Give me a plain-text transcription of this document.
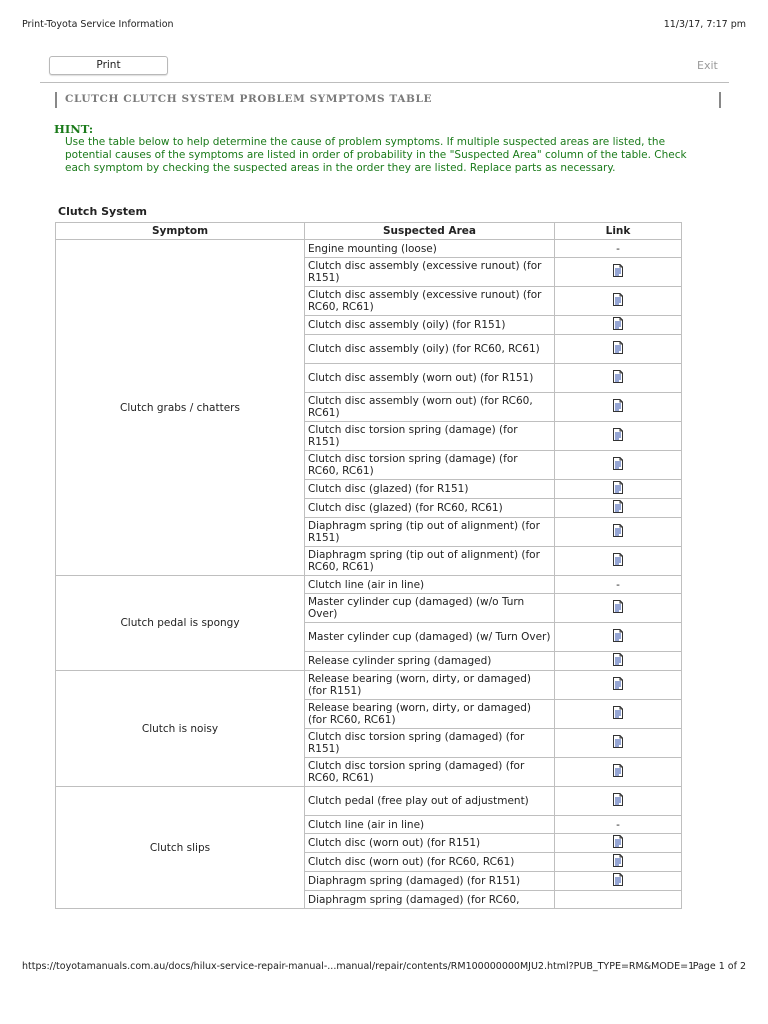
Print-Toyota Service Information	11/3/17, 7:17 pm
Print	Exit
CLUTCH CLUTCH SYSTEM PROBLEM SYMPTOMS TABLE
HINT:
Use the table below to help determine the cause of problem symptoms. If multiple suspected areas are listed, the potential causes of the symptoms are listed in order of probability in the "Suspected Area" column of the table. Check each symptom by checking the suspected areas in the order they are listed. Replace parts as necessary.
Clutch System
Symptom	Suspected Area	Link
Clutch grabs / chatters	Engine mounting (loose)	-
	Clutch disc assembly (excessive runout) (for R151)	
	Clutch disc assembly (excessive runout) (for RC60, RC61)	
	Clutch disc assembly (oily) (for R151)	
	Clutch disc assembly (oily) (for RC60, RC61)	
	Clutch disc assembly (worn out) (for R151)	
	Clutch disc assembly (worn out) (for RC60, RC61)	
	Clutch disc torsion spring (damage) (for R151)	
	Clutch disc torsion spring (damage) (for RC60, RC61)	
	Clutch disc (glazed) (for R151)	
	Clutch disc (glazed) (for RC60, RC61)	
	Diaphragm spring (tip out of alignment) (for R151)	
	Diaphragm spring (tip out of alignment) (for RC60, RC61)	
Clutch pedal is spongy	Clutch line (air in line)	-
	Master cylinder cup (damaged) (w/o Turn Over)	
	Master cylinder cup (damaged) (w/ Turn Over)	
	Release cylinder spring (damaged)	
Clutch is noisy	Release bearing (worn, dirty, or damaged) (for R151)	
	Release bearing (worn, dirty, or damaged) (for RC60, RC61)	
	Clutch disc torsion spring (damaged) (for R151)	
	Clutch disc torsion spring (damaged) (for RC60, RC61)	
Clutch slips	Clutch pedal (free play out of adjustment)	
	Clutch line (air in line)	-
	Clutch disc (worn out) (for R151)	
	Clutch disc (worn out) (for RC60, RC61)	
	Diaphragm spring (damaged) (for R151)	
	Diaphragm spring (damaged) (for RC60,	
https://toyotamanuals.com.au/docs/hilux-service-repair-manual-...manual/repair/contents/RM100000000MJU2.html?PUB_TYPE=RM&MODE=1
Page 1 of 2
